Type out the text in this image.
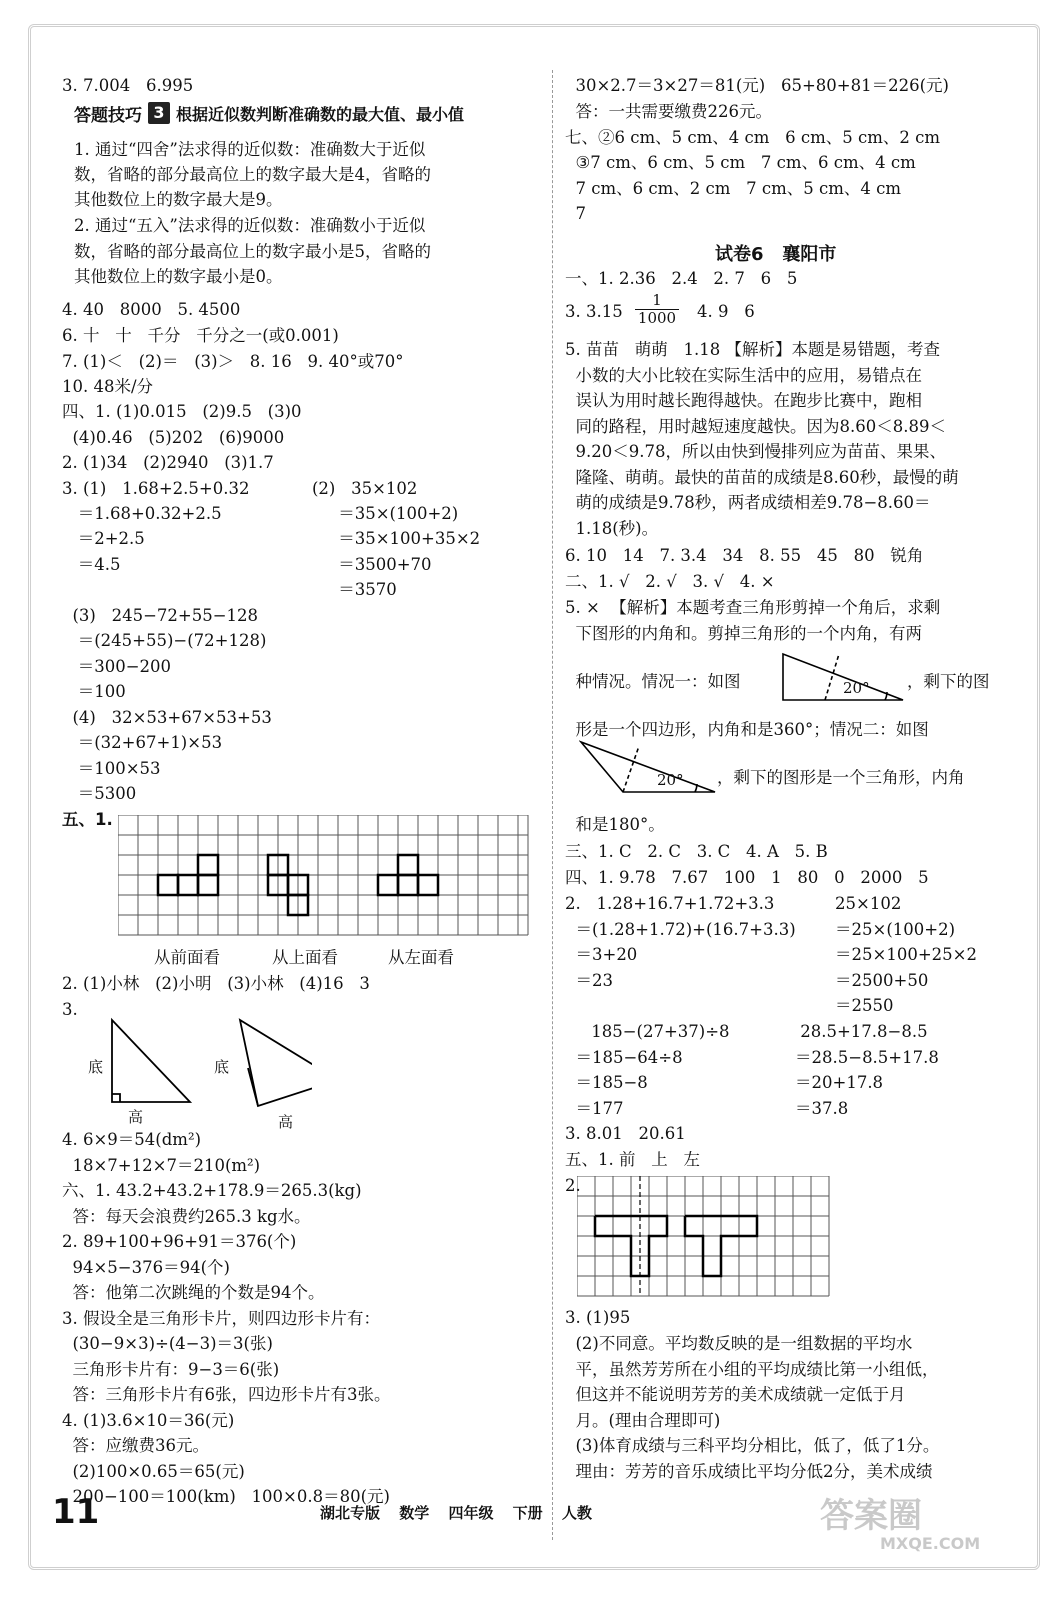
3. 7.004   6.995
答题技巧 3 根据近似数判断准确数的最大值、最小值
1. 通过“四舍”法求得的近似数：准确数大于近似
数，省略的部分最高位上的数字最大是4，省略的
其他数位上的数字最大是9。
2. 通过“五入”法求得的近似数：准确数小于近似
数，省略的部分最高位上的数字最小是5，省略的
其他数位上的数字最小是0。
4. 40   8000   5. 4500
6. 十   十   千分   千分之一(或0.001)
7. (1)＜   (2)＝   (3)＞   8. 16   9. 40°或70°
10. 48米/分
四、1. (1)0.015   (2)9.5   (3)0
(4)0.46   (5)202   (6)9000
2. (1)34   (2)2940   (3)1.7
3. (1)   1.68+2.5+0.32
＝1.68+0.32+2.5
＝2+2.5
＝4.5
(2)   35×102
＝35×(100+2)
＝35×100+35×2
＝3500+70
＝3570
(3)   245−72+55−128
＝(245+55)−(72+128)
＝300−200
＝100
(4)   32×53+67×53+53
＝(32+67+1)×53
＝100×53
＝5300
五、1.
从前面看	从上面看	从左面看
2. (1)小林   (2)小明   (3)小林   (4)16   3
3.
底
高
底
高
4. 6×9＝54(dm²)
18×7+12×7＝210(m²)
六、1. 43.2+43.2+178.9＝265.3(kg)
答：每天会浪费约265.3 kg水。
2. 89+100+96+91＝376(个)
94×5−376＝94(个)
答：他第二次跳绳的个数是94个。
3. 假设全是三角形卡片，则四边形卡片有：
(30−9×3)÷(4−3)＝3(张)
三角形卡片有：9−3＝6(张)
答：三角形卡片有6张，四边形卡片有3张。
4. (1)3.6×10＝36(元)
答：应缴费36元。
(2)100×0.65＝65(元)
200−100＝100(km)   100×0.8＝80(元)
30×2.7＝3×27＝81(元)   65+80+81＝226(元)
答：一共需要缴费226元。
七、②6 cm、5 cm、4 cm   6 cm、5 cm、2 cm
③7 cm、6 cm、5 cm   7 cm、6 cm、4 cm
7 cm、6 cm、2 cm   7 cm、5 cm、4 cm
7
试卷6   襄阳市
一、1. 2.36   2.4   2. 7   6   5
3. $3.15 \frac{1}{1000} 4$. 9   6
5. 苗苗   萌萌   1.18 【解析】本题是易错题，考查
小数的大小比较在实际生活中的应用，易错点在
误认为用时越长跑得越快。在跑步比赛中，跑相
同的路程，用时越短速度越快。因为8.60＜8.89＜
9.20＜9.78，所以由快到慢排列应为苗苗、果果、
隆隆、萌萌。最快的苗苗的成绩是8.60秒，最慢的萌
萌的成绩是9.78秒，两者成绩相差9.78−8.60＝
1.18(秒)。
6. 10   14   7. 3.4   34   8. 55   45   80   锐角
二、1. √   2. √   3. √   4. ×
5. ×  【解析】本题考查三角形剪掉一个角后，求剩
下图形的内角和。剪掉三角形的一个内角，有两
种情况。情况一：如图	20° ，剩下的图
形是一个四边形，内角和是360°；情况二：如图
20° ，剩下的图形是一个三角形，内角
和是180°。
三、1. C   2. C   3. C   4. A   5. B
四、1. 9.78   7.67   100   1   80   0   2000   5
2.   1.28+16.7+1.72+3.3
＝(1.28+1.72)+(16.7+3.3)
＝3+20
＝23
25×102
＝25×(100+2)
＝25×100+25×2
＝2500+50
＝2550
185−(27+37)÷8
＝185−64÷8
＝185−8
＝177
28.5+17.8−8.5
＝28.5−8.5+17.8
＝20+17.8
＝37.8
3. 8.01   20.61
五、1. 前   上   左
2.
3. (1)95
(2)不同意。平均数反映的是一组数据的平均水
平，虽然芳芳所在小组的平均成绩比第一小组低，
但这并不能说明芳芳的美术成绩就一定低于月
月。(理由合理即可)
(3)体育成绩与三科平均分相比，低了，低了1分。
理由：芳芳的音乐成绩比平均分低2分，美术成绩
11	湖北专版 数学 四年级 下册 人教	答案圈
MXQE.COM
